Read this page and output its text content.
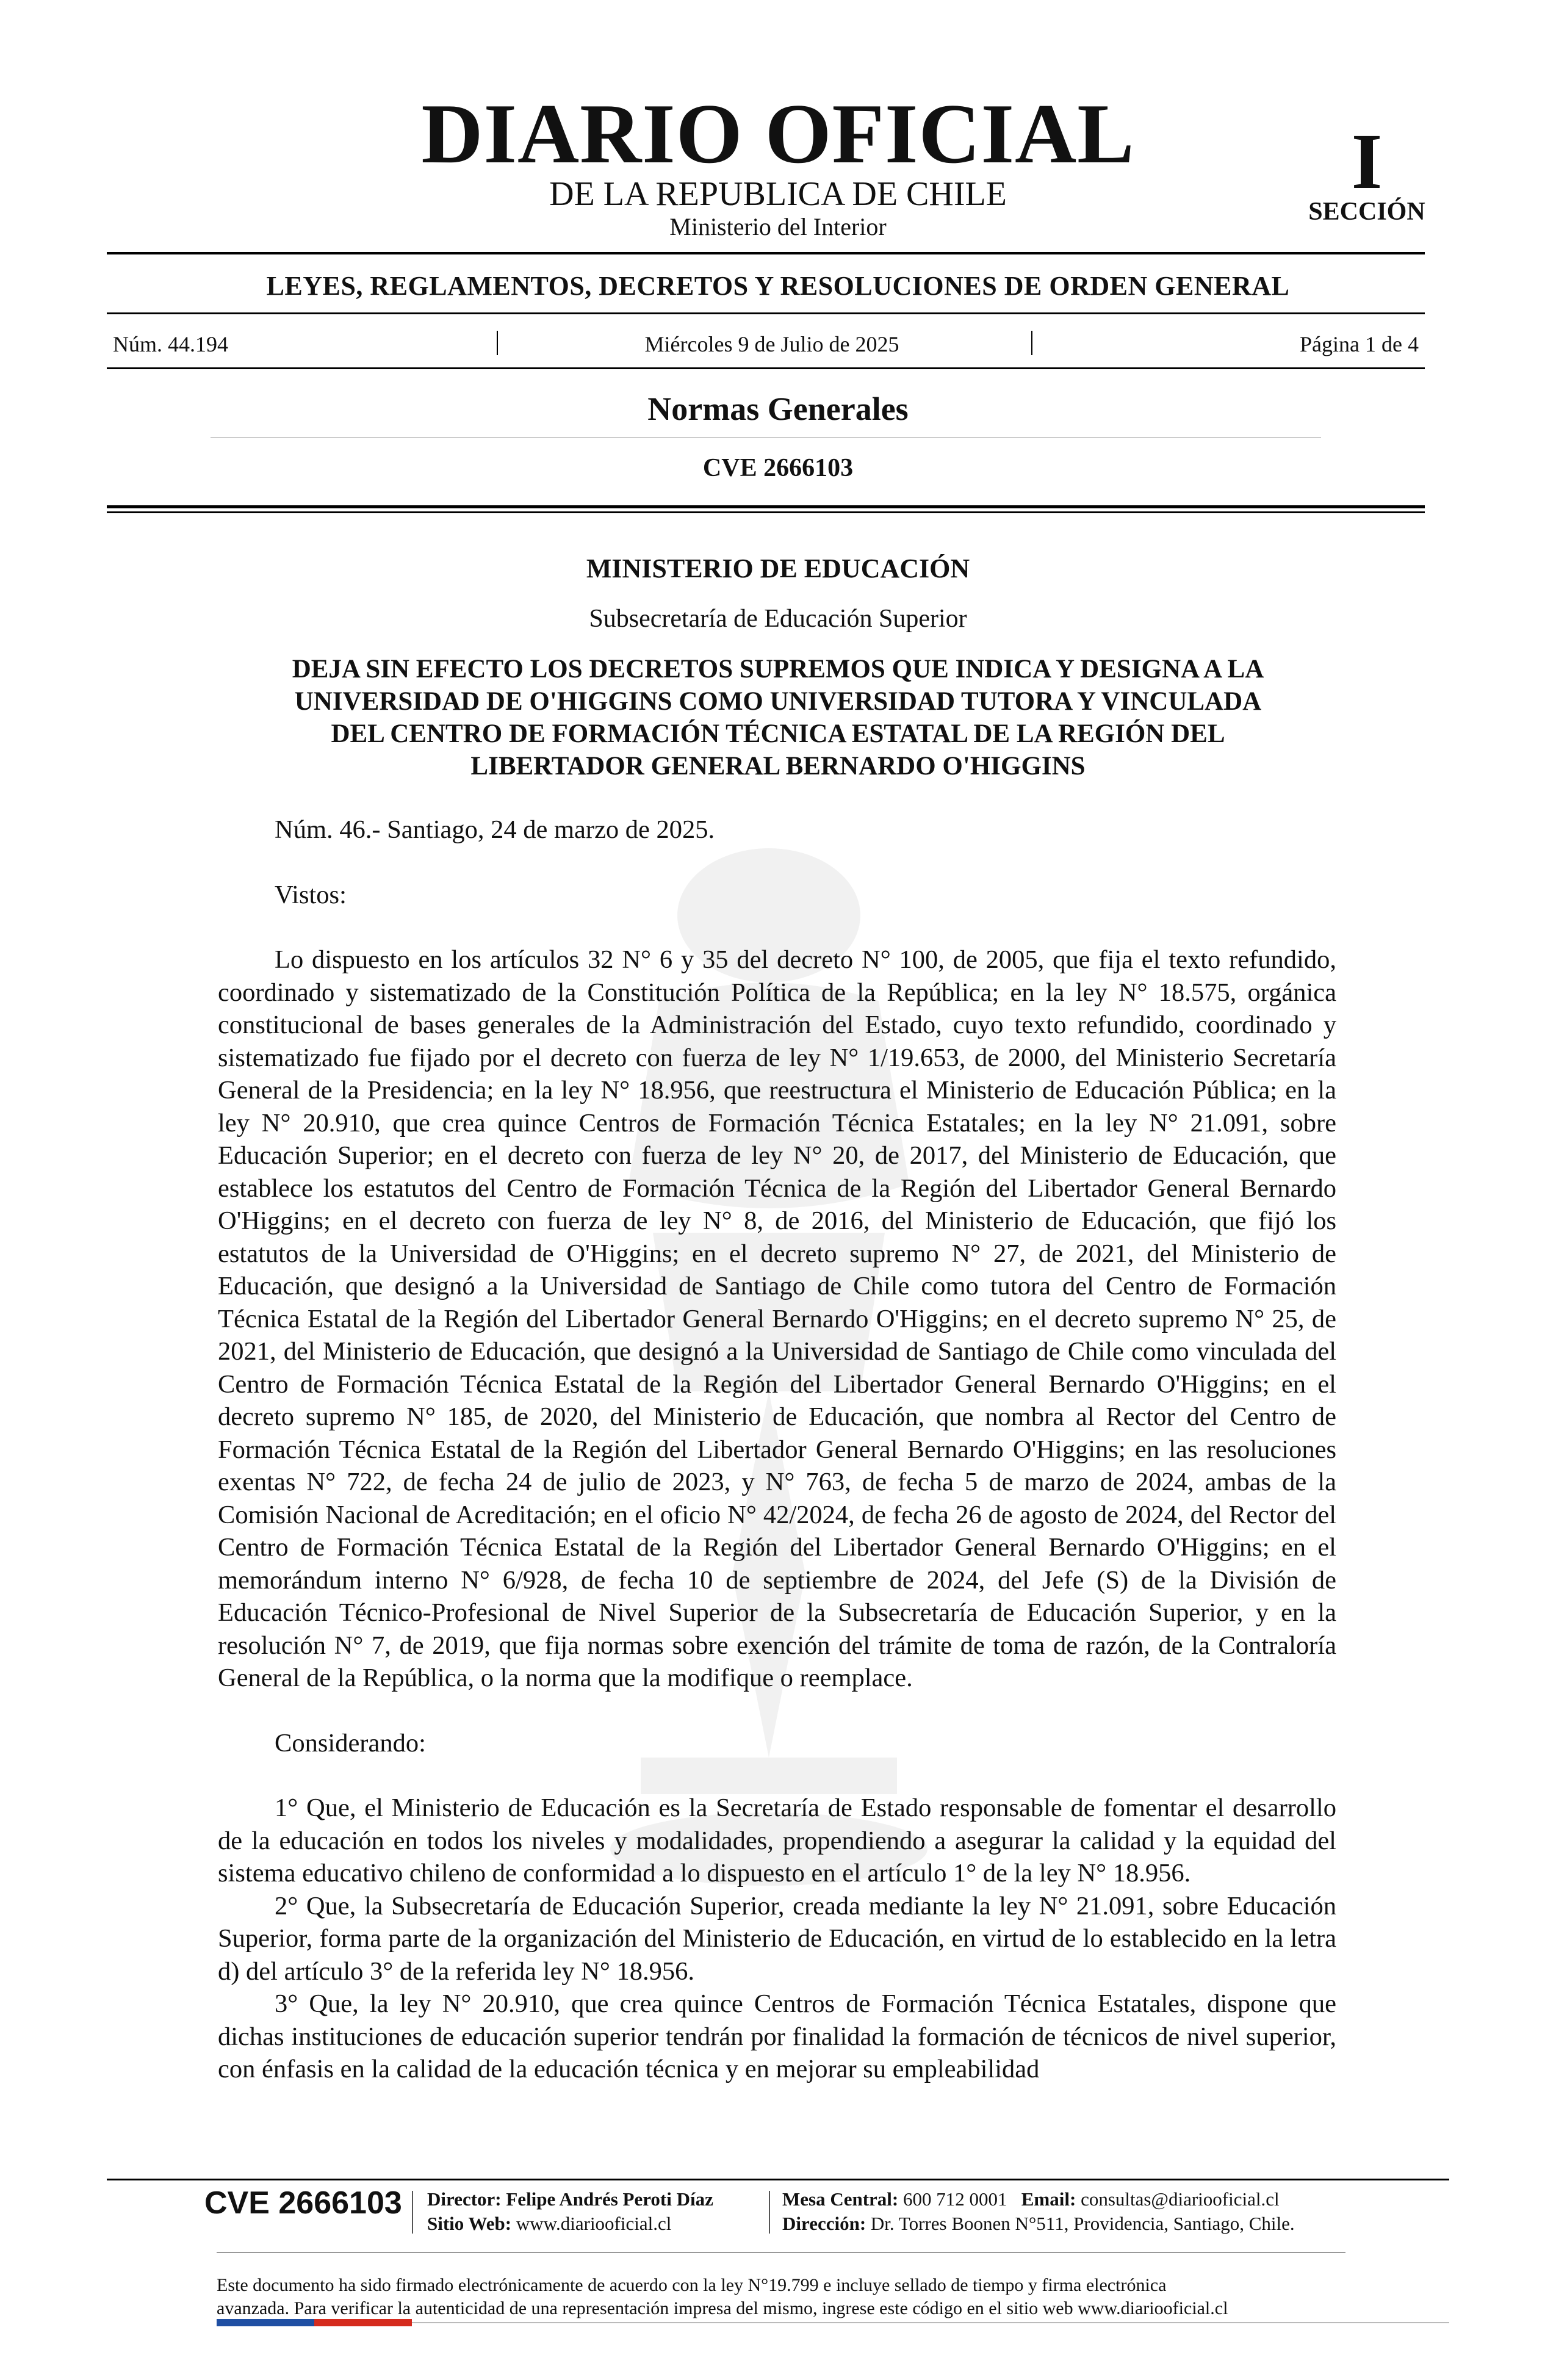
DIARIO OFICIAL
DE LA REPUBLICA DE CHILE
Ministerio del Interior
I
SECCIÓN
LEYES, REGLAMENTOS, DECRETOS Y RESOLUCIONES DE ORDEN GENERAL
Núm. 44.194	Miércoles 9 de Julio de 2025	Página 1 de 4
Normas Generales
CVE 2666103
MINISTERIO DE EDUCACIÓN
Subsecretaría de Educación Superior
DEJA SIN EFECTO LOS DECRETOS SUPREMOS QUE INDICA Y DESIGNA A LA
UNIVERSIDAD DE O'HIGGINS COMO UNIVERSIDAD TUTORA Y VINCULADA
DEL CENTRO DE FORMACIÓN TÉCNICA ESTATAL DE LA REGIÓN DEL
LIBERTADOR GENERAL BERNARDO O'HIGGINS

Núm. 46.- Santiago, 24 de marzo de 2025.

Vistos:

Lo dispuesto en los artículos 32 N° 6 y 35 del decreto N° 100, de 2005, que fija el texto refundido, coordinado y sistematizado de la Constitución Política de la República; en la ley N° 18.575, orgánica constitucional de bases generales de la Administración del Estado, cuyo texto refundido, coordinado y sistematizado fue fijado por el decreto con fuerza de ley N° 1/19.653, de 2000, del Ministerio Secretaría General de la Presidencia; en la ley N° 18.956, que reestructura el Ministerio de Educación Pública; en la ley N° 20.910, que crea quince Centros de Formación Técnica Estatales; en la ley N° 21.091, sobre Educación Superior; en el decreto con fuerza de ley N° 20, de 2017, del Ministerio de Educación, que establece los estatutos del Centro de Formación Técnica de la Región del Libertador General Bernardo O'Higgins; en el decreto con fuerza de ley N° 8, de 2016, del Ministerio de Educación, que fijó los estatutos de la Universidad de O'Higgins; en el decreto supremo N° 27, de 2021, del Ministerio de Educación, que designó a la Universidad de Santiago de Chile como tutora del Centro de Formación Técnica Estatal de la Región del Libertador General Bernardo O'Higgins; en el decreto supremo N° 25, de 2021, del Ministerio de Educación, que designó a la Universidad de Santiago de Chile como vinculada del Centro de Formación Técnica Estatal de la Región del Libertador General Bernardo O'Higgins; en el decreto supremo N° 185, de 2020, del Ministerio de Educación, que nombra al Rector del Centro de Formación Técnica Estatal de la Región del Libertador General Bernardo O'Higgins; en las resoluciones exentas N° 722, de fecha 24 de julio de 2023, y N° 763, de fecha 5 de marzo de 2024, ambas de la Comisión Nacional de Acreditación; en el oficio N° 42/2024, de fecha 26 de agosto de 2024, del Rector del Centro de Formación Técnica Estatal de la Región del Libertador General Bernardo O'Higgins; en el memorándum interno N° 6/928, de fecha 10 de septiembre de 2024, del Jefe (S) de la División de Educación Técnico-Profesional de Nivel Superior de la Subsecretaría de Educación Superior, y en la resolución N° 7, de 2019, que fija normas sobre exención del trámite de toma de razón, de la Contraloría General de la República, o la norma que la modifique o reemplace.

Considerando:

1° Que, el Ministerio de Educación es la Secretaría de Estado responsable de fomentar el desarrollo de la educación en todos los niveles y modalidades, propendiendo a asegurar la calidad y la equidad del sistema educativo chileno de conformidad a lo dispuesto en el artículo 1° de la ley N° 18.956.

2° Que, la Subsecretaría de Educación Superior, creada mediante la ley N° 21.091, sobre Educación Superior, forma parte de la organización del Ministerio de Educación, en virtud de lo establecido en la letra d) del artículo 3° de la referida ley N° 18.956.

3° Que, la ley N° 20.910, que crea quince Centros de Formación Técnica Estatales, dispone que dichas instituciones de educación superior tendrán por finalidad la formación de técnicos de nivel superior, con énfasis en la calidad de la educación técnica y en mejorar su empleabilidad

CVE 2666103 Director: Felipe Andrés Peroti Díaz
Sitio Web: www.diariooficial.cl
Mesa Central: 600 712 0001 Email: consultas@diariooficial.cl
Dirección: Dr. Torres Boonen N°511, Providencia, Santiago, Chile.
Este documento ha sido firmado electrónicamente de acuerdo con la ley N°19.799 e incluye sellado de tiempo y firma electrónica
avanzada. Para verificar la autenticidad de una representación impresa del mismo, ingrese este código en el sitio web www.diariooficial.cl
